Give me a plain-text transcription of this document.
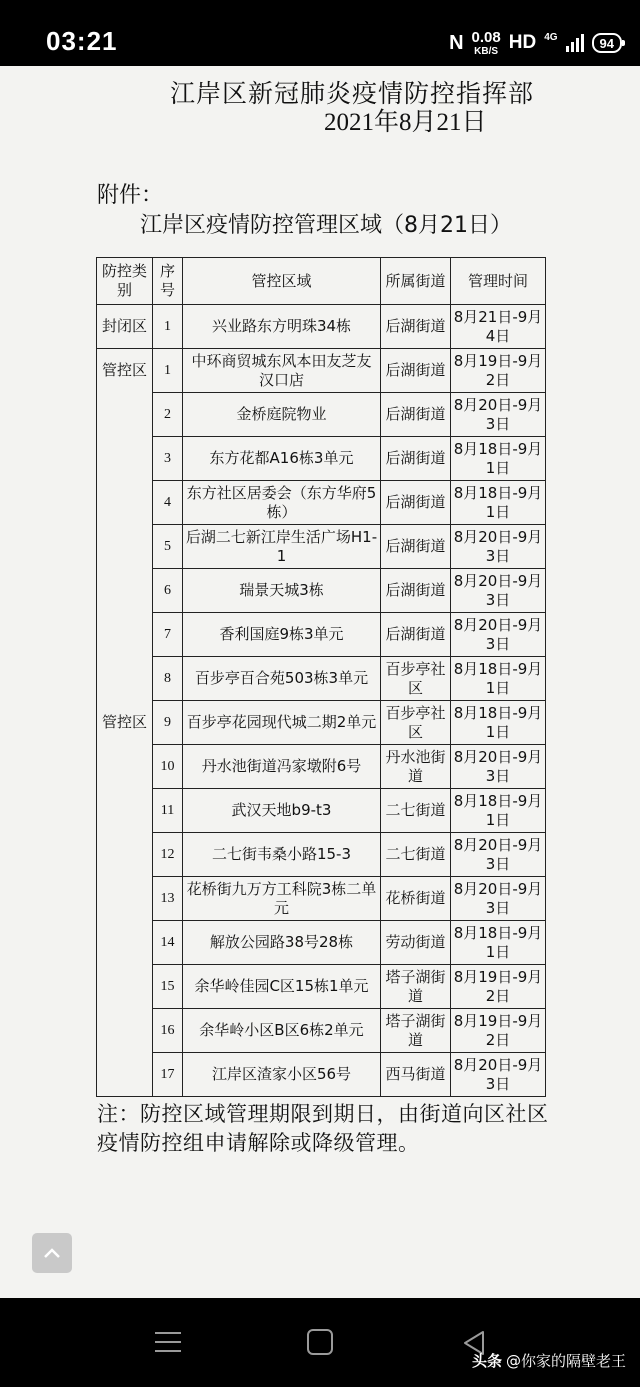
03:21	N 0.08
KB/S HD 4G	94
江岸区新冠肺炎疫情防控指挥部
2021年8月21日
附件：
江岸区疫情防控管理区域（8月21日）
防控类别	序号	管控区域	所属街道	管理时间
封闭区	1	兴业路东方明珠34栋	后湖街道	8月21日-9月4日
管控区	1	中环商贸城东风本田友芝友汉口店	后湖街道	8月19日-9月2日
	2	金桥庭院物业	后湖街道	8月20日-9月3日
	3	东方花都A16栋3单元	后湖街道	8月18日-9月1日
	4	东方社区居委会（东方华府5栋）	后湖街道	8月18日-9月1日
	5	后湖二七新江岸生活广场H1-1	后湖街道	8月20日-9月3日
	6	瑞景天城3栋	后湖街道	8月20日-9月3日
	7	香利国庭9栋3单元	后湖街道	8月20日-9月3日
	8	百步亭百合苑503栋3单元	百步亭社区	8月18日-9月1日
管控区	9	百步亭花园现代城二期2单元	百步亭社区	8月18日-9月1日
	10	丹水池街道冯家墩附6号	丹水池街道	8月20日-9月3日
	11	武汉天地b9-t3	二七街道	8月18日-9月1日
	12	二七街韦桑小路15-3	二七街道	8月20日-9月3日
	13	花桥街九万方工科院3栋二单元	花桥街道	8月20日-9月3日
	14	解放公园路38号28栋	劳动街道	8月18日-9月1日
	15	余华岭佳园C区15栋1单元	塔子湖街道	8月19日-9月2日
	16	余华岭小区B区6栋2单元	塔子湖街道	8月19日-9月2日
	17	江岸区渣家小区56号	西马街道	8月20日-9月3日
注：防控区域管理期限到期日，由街道向区社区疫情防控组申请解除或降级管理。
头条 @你家的隔壁老王
